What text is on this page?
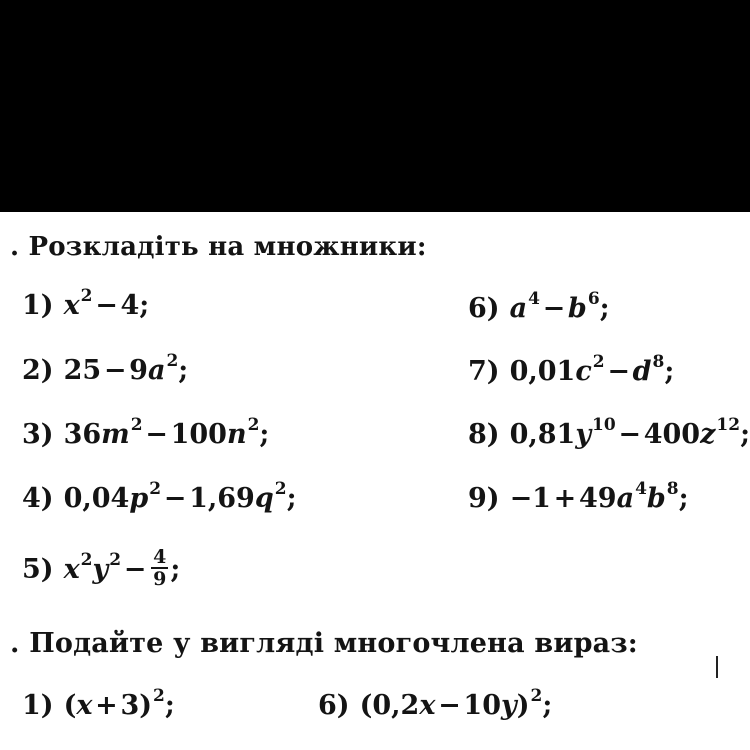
. Розкладіть на множники:
1) $x^2$ − 4;
2) 25 − $9a^2$;
3) $36m^2$ − $100n^2$;
4) $0,04p^2$ − $1,69q^2$;
5) $x^2y^2$ −  $\frac{4}{9}$ ;
6) $a^4$ − $b^6$;
7) $0,01c^2$ − $d^8$;
8) $0,81y^{10}$ − $400z^{12}$;
9) −1 + $49a^4b^8$;
. Подайте у вигляді многочлена вираз:
1) (x + 3)$^2$;	6) (0,2x − 10y)$^2$;
